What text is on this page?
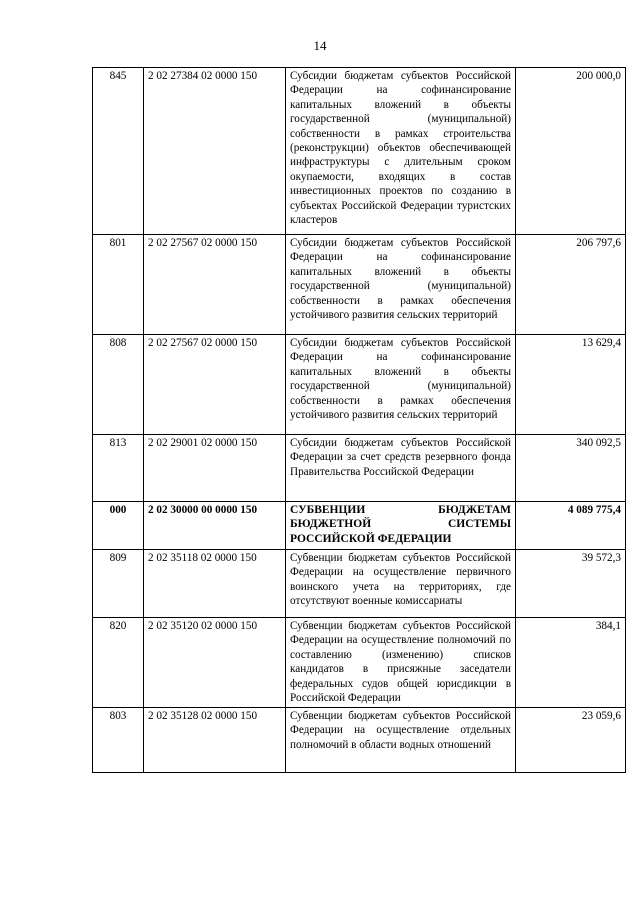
14
845	2 02 27384 02 0000 150	Субсидии бюджетам субъектов Российской Федерации на софинансирование капитальных вложений в объекты государственной (муниципальной) собственности в рамках строительства (реконструкции) объектов обеспечивающей инфраструктуры с длительным сроком окупаемости, входящих в состав инвестиционных проектов по созданию в субъектах Российской Федерации туристских кластеров	200 000,0
801	2 02 27567 02 0000 150	Субсидии бюджетам субъектов Российской Федерации на софинансирование капитальных вложений в объекты государственной (муниципальной) собственности в рамках обеспечения устойчивого развития сельских территорий	206 797,6
808	2 02 27567 02 0000 150	Субсидии бюджетам субъектов Российской Федерации на софинансирование капитальных вложений в объекты государственной (муниципальной) собственности в рамках обеспечения устойчивого развития сельских территорий	13 629,4
813	2 02 29001 02 0000 150	Субсидии бюджетам субъектов Российской Федерации за счет средств резервного фонда Правительства Российской Федерации	340 092,5
000	2 02 30000 00 0000 150	СУБВЕНЦИИ БЮДЖЕТАМ БЮДЖЕТНОЙ СИСТЕМЫ РОССИЙСКОЙ ФЕДЕРАЦИИ	4 089 775,4
809	2 02 35118 02 0000 150	Субвенции бюджетам субъектов Российской Федерации на осуществление первичного воинского учета на территориях, где отсутствуют военные комиссариаты	39 572,3
820	2 02 35120 02 0000 150	Субвенции бюджетам субъектов Российской Федерации на осуществление полномочий по составлению (изменению) списков кандидатов в присяжные заседатели федеральных судов общей юрисдикции в Российской Федерации	384,1
803	2 02 35128 02 0000 150	Субвенции бюджетам субъектов Российской Федерации на осуществление отдельных полномочий в области водных отношений	23 059,6
